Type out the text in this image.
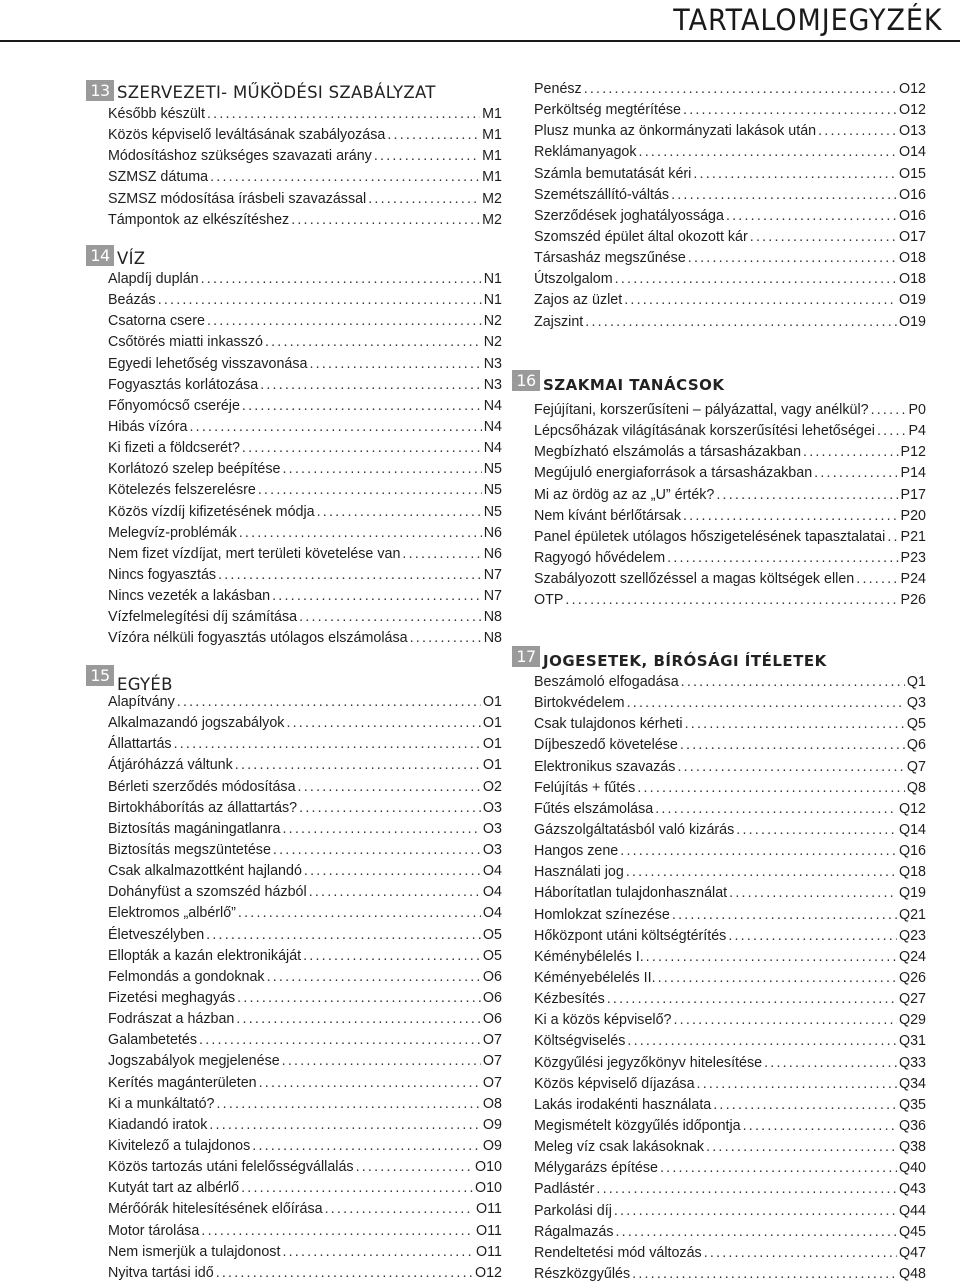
TARTALOMJEGYZÉK
13 SZERVEZETI- MŰKÖDÉSI SZABÁLYZAT
Később készült .....	M1
Közös képviselő leváltásának szabályozása .....	M1
Módosításhoz szükséges szavazati arány .....	M1
SZMSZ dátuma .....	M1
SZMSZ módosítása írásbeli szavazással .....	M2
Támpontok az elkészítéshez .....	M2
14 VÍZ
Alapdíj duplán .....	N1
Beázás .....	N1
Csatorna csere .....	N2
Csőtörés miatti inkasszó .....	N2
Egyedi lehetőség visszavonása .....	N3
Fogyasztás korlátozása .....	N3
Főnyomócső cseréje .....	N4
Hibás vízóra .....	N4
Ki fizeti a földcserét? .....	N4
Korlátozó szelep beépítése .....	N5
Kötelezés felszerelésre .....	N5
Közös vízdíj kifizetésének módja .....	N5
Melegvíz-problémák .....	N6
Nem fizet vízdíjat, mert területi követelése van .....	N6
Nincs fogyasztás .....	N7
Nincs vezeték a lakásban .....	N7
Vízfelmelegítési díj számítása .....	N8
Vízóra nélküli fogyasztás utólagos elszámolása .....	N8
15 EGYÉB
Alapítvány .....	O1
Alkalmazandó jogszabályok .....	O1
Állattartás .....	O1
Átjáróházzá váltunk .....	O1
Bérleti szerződés módosítása .....	O2
Birtokháborítás az állattartás? .....	O3
Biztosítás magáningatlanra .....	O3
Biztosítás megszüntetése .....	O3
Csak alkalmazottként hajlandó .....	O4
Dohányfüst a szomszéd házból .....	O4
Elektromos „albérlő” .....	O4
Életveszélyben .....	O5
Ellopták a kazán elektronikáját .....	O5
Felmondás a gondoknak .....	O6
Fizetési meghagyás .....	O6
Fodrászat a házban .....	O6
Galambetetés .....	O7
Jogszabályok megjelenése .....	O7
Kerítés magánterületen .....	O7
Ki a munkáltató? .....	O8
Kiadandó iratok .....	O9
Kivitelező a tulajdonos .....	O9
Közös tartozás utáni felelősségvállalás .....	O10
Kutyát tart az albérlő .....	O10
Mérőórák hitelesítésének előírása .....	O11
Motor tárolása .....	O11
Nem ismerjük a tulajdonost .....	O11
Nyitva tartási idő .....	O12
Penész .....	O12
Perköltség megtérítése .....	O12
Plusz munka az önkormányzati lakások után .....	O13
Reklámanyagok .....	O14
Számla bemutatását kéri .....	O15
Szemétszállító-váltás .....	O16
Szerződések joghatályossága .....	O16
Szomszéd épület által okozott kár .....	O17
Társasház megszűnése .....	O18
Útszolgalom .....	O18
Zajos az üzlet .....	O19
Zajszint .....	O19
16 SZAKMAI TANÁCSOK
Fejújítani, korszerűsíteni – pályázattal, vagy anélkül? .....	P0
Lépcsőházak világításának korszerűsítési lehetőségei ..... P4
Megbízható elszámolás a társasházakban .....	P12
Megújuló energiaforrások a társasházakban .....	P14
Mi az ördög az az „U” érték? .....	P17
Nem kívánt bérlőtársak .....	P20
Panel épületek utólagos hőszigetelésének tapasztalatai ..... P21
Ragyogó hővédelem .....	P23
Szabályozott szellőzéssel a magas költségek ellen .....	P24
OTP .....	P26
17 JOGESETEK, BÍRÓSÁGI ÍTÉLETEK
Beszámoló elfogadása .....	Q1
Birtokvédelem .....	Q3
Csak tulajdonos kérheti .....	Q5
Díjbeszedő követelése .....	Q6
Elektronikus szavazás .....	Q7
Felújítás + fűtés .....	Q8
Fűtés elszámolása .....	Q12
Gázszolgáltatásból való kizárás .....	Q14
Hangos zene .....	Q16
Használati jog .....	Q18
Háborítatlan tulajdonhasználat .....	Q19
Homlokzat színezése .....	Q21
Hőközpont utáni költségtérítés .....	Q23
Kéménybélelés I. .....	Q24
Kéményebélelés II. .....	Q26
Kézbesítés .....	Q27
Ki a közös képviselő? .....	Q29
Költségviselés .....	Q31
Közgyűlési jegyzőkönyv hitelesítése .....	Q33
Közös képviselő díjazása .....	Q34
Lakás irodakénti használata .....	Q35
Megismételt közgyűlés időpontja .....	Q36
Meleg víz csak lakásoknak .....	Q38
Mélygarázs építése .....	Q40
Padlástér .....	Q43
Parkolási díj .....	Q44
Rágalmazás .....	Q45
Rendeltetési mód változás .....	Q47
Részközgyűlés .....	Q48
